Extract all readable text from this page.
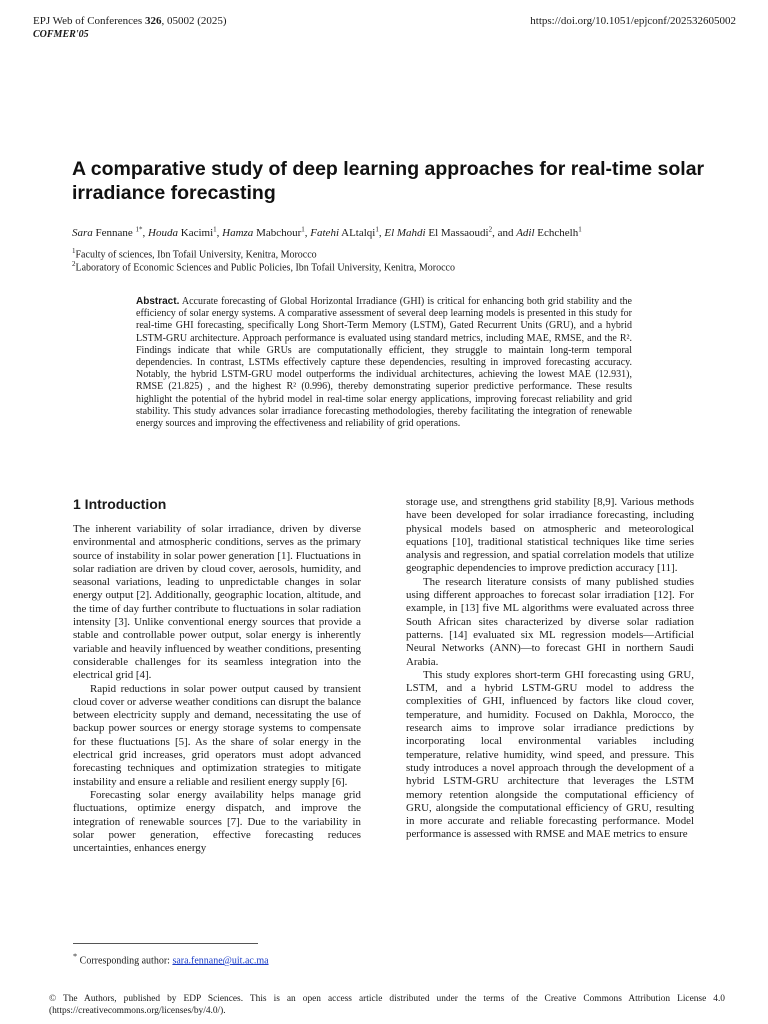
EPJ Web of Conferences 326, 05002 (2025)	https://doi.org/10.1051/epjconf/202532605002
COFMER'05
A comparative study of deep learning approaches for real-time solar irradiance forecasting
Sara Fennane $^{1*}$, Houda Kacimi$^1$, Hamza Mabchour$^1$, Fatehi ALtalqi$^1$, El Mahdi El Massaoudi$^2$, and Adil Echchelh$^1$
$^1$Faculty of sciences, Ibn Tofail University, Kenitra, Morocco
$^2$Laboratory of Economic Sciences and Public Policies, Ibn Tofail University, Kenitra, Morocco

Abstract. Accurate forecasting of Global Horizontal Irradiance (GHI) is critical for enhancing both grid stability and the efficiency of solar energy systems. A comparative assessment of several deep learning models is presented in this study for real-time GHI forecasting, specifically Long Short-Term Memory (LSTM), Gated Recurrent Units (GRU), and a hybrid LSTM-GRU architecture. Approach performance is evaluated using standard metrics, including MAE, RMSE, and the R². Findings indicate that while GRUs are computationally efficient, they struggle to maintain long-term temporal dependencies. In contrast, LSTMs effectively capture these dependencies, resulting in improved forecasting accuracy. Notably, the hybrid LSTM-GRU model outperforms the individual architectures, achieving the lowest MAE (12.931), RMSE (21.825) , and the highest R² (0.996), thereby demonstrating superior predictive performance. These results highlight the potential of the hybrid model in real-time solar energy applications, improving forecast reliability and grid stability. This study advances solar irradiance forecasting methodologies, thereby facilitating the integration of renewable energy sources and improving the effectiveness and reliability of grid operations.

1 Introduction

The inherent variability of solar irradiance, driven by diverse environmental and atmospheric conditions, serves as the primary source of instability in solar power generation [1]. Fluctuations in solar radiation are driven by cloud cover, aerosols, humidity, and seasonal variations, leading to unpredictable changes in solar energy output [2]. Additionally, geographic location, altitude, and the time of day further contribute to fluctuations in solar radiation intensity [3]. Unlike conventional energy sources that provide a stable and controllable power output, solar energy is inherently variable and heavily influenced by weather conditions, presenting considerable challenges for its seamless integration into the electrical grid [4].

Rapid reductions in solar power output caused by transient cloud cover or adverse weather conditions can disrupt the balance between electricity supply and demand, necessitating the use of backup power sources or energy storage systems to compensate for these fluctuations [5]. As the share of solar energy in the electrical grid increases, grid operators must adopt advanced forecasting techniques and optimization strategies to mitigate instability and ensure a reliable and resilient energy supply [6].

Forecasting solar energy availability helps manage grid fluctuations, optimize energy dispatch, and improve the integration of renewable sources [7]. Due to the variability in solar power generation, effective forecasting reduces uncertainties, enhances energy

storage use, and strengthens grid stability [8,9]. Various methods have been developed for solar irradiance forecasting, including physical models based on atmospheric and meteorological equations [10], traditional statistical techniques like time series analysis and regression, and spatial correlation models that utilize geographic dependencies to improve prediction accuracy [11].

The research literature consists of many published studies using different approaches to forecast solar irradiation [12]. For example, in [13] five ML algorithms were evaluated across three South African sites characterized by diverse solar radiation patterns. [14] evaluated six ML regression models—Artificial Neural Networks (ANN)—to forecast GHI in northern Saudi Arabia.

This study explores short-term GHI forecasting using GRU, LSTM, and a hybrid LSTM-GRU model to address the complexities of GHI, influenced by factors like cloud cover, temperature, and humidity. Focused on Dakhla, Morocco, the research aims to improve solar irradiance predictions by incorporating local environmental variables including temperature, relative humidity, wind speed, and pressure. This study introduces a novel approach through the development of a hybrid LSTM-GRU architecture that leverages the LSTM memory retention alongside the computational efficiency of GRU, alongside the computational efficiency of GRU, resulting in more accurate and reliable forecasting performance. Model performance is assessed with RMSE and MAE metrics to ensure

* Corresponding author: sara.fennane@uit.ac.ma
© The Authors, published by EDP Sciences. This is an open access article distributed under the terms of the Creative Commons Attribution License 4.0 (https://creativecommons.org/licenses/by/4.0/).
